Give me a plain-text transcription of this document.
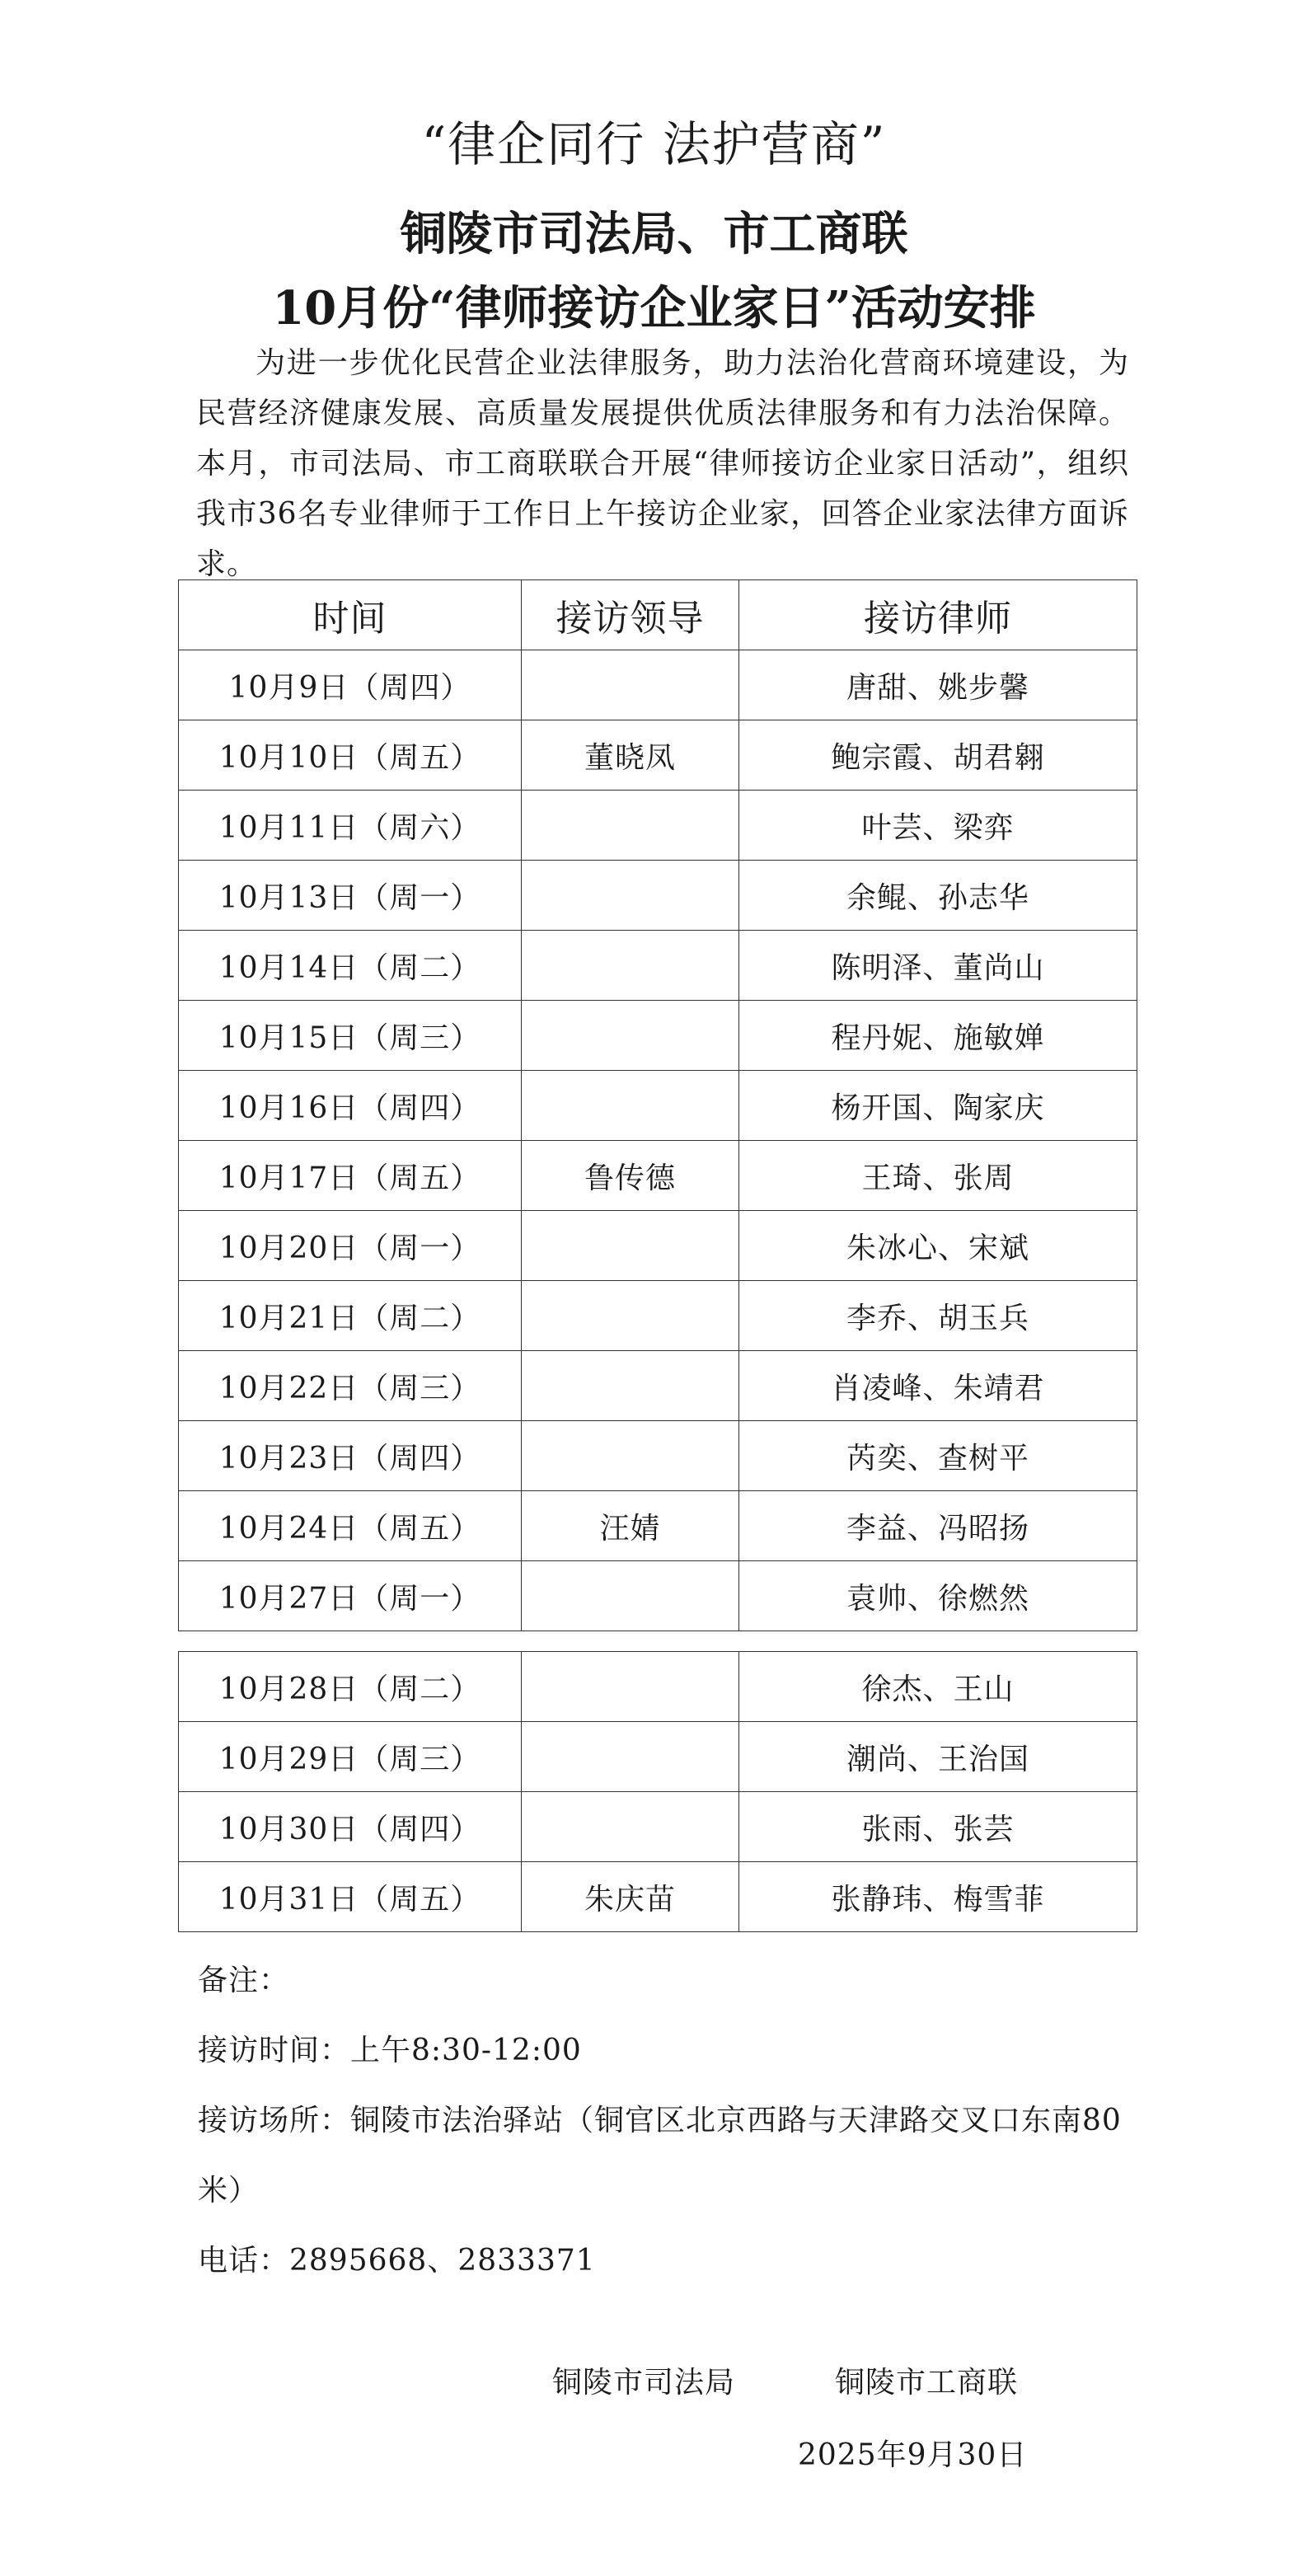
“律企同行 法护营商”
铜陵市司法局、市工商联
10月份“律师接访企业家日”活动安排

为进一步优化民营企业法律服务，助力法治化营商环境建设，为民营经济健康发展、高质量发展提供优质法律服务和有力法治保障。本月，市司法局、市工商联联合开展“律师接访企业家日活动”，组织我市36名专业律师于工作日上午接访企业家，回答企业家法律方面诉求。

时间	接访领导	接访律师
10月9日（周四）		唐甜、姚步馨
10月10日（周五）	董晓凤	鲍宗霞、胡君翱
10月11日（周六）		叶芸、梁弈
10月13日（周一）		余鲲、孙志华
10月14日（周二）		陈明泽、董尚山
10月15日（周三）		程丹妮、施敏婵
10月16日（周四）		杨开国、陶家庆
10月17日（周五）	鲁传德	王琦、张周
10月20日（周一）		朱冰心、宋斌
10月21日（周二）		李乔、胡玉兵
10月22日（周三）		肖凌峰、朱靖君
10月23日（周四）		芮奕、查树平
10月24日（周五）	汪婧	李益、冯昭扬
10月27日（周一）		袁帅、徐燃然
10月28日（周二）		徐杰、王山
10月29日（周三）		潮尚、王治国
10月30日（周四）		张雨、张芸
10月31日（周五）	朱庆苗	张静玮、梅雪菲
备注：
接访时间：上午8:30-12:00
接访场所：铜陵市法治驿站（铜官区北京西路与天津路交叉口东南80米）
电话：2895668、2833371
铜陵市司法局	铜陵市工商联
2025年9月30日
